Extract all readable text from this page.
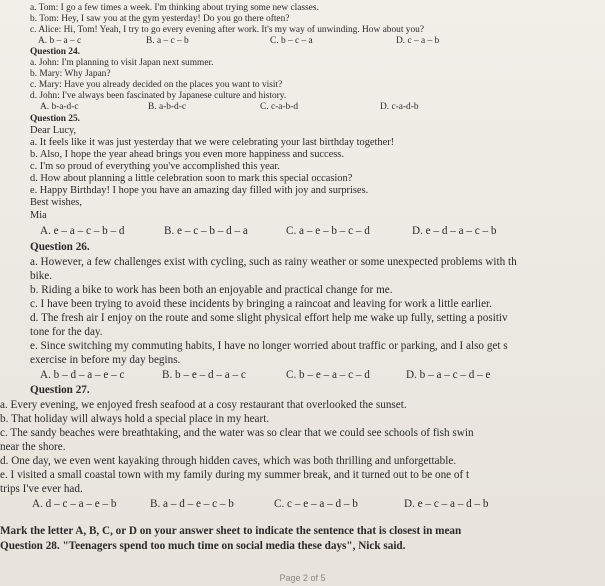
a. Tom: I go a few times a week. I'm thinking about trying some new classes.
b. Tom: Hey, I saw you at the gym yesterday! Do you go there often?
c. Alice: Hi, Tom! Yeah, I try to go every evening after work. It's my way of unwinding. How about you?
A. b – a – c	B. a – c – b	C. b – c – a	D. c – a – b
Question 24.
a. John: I'm planning to visit Japan next summer.
b. Mary: Why Japan?
c. Mary: Have you already decided on the places you want to visit?
d. John: I've always been fascinated by Japanese culture and history.
A. b-a-d-c	B. a-b-d-c	C. c-a-b-d	D. c-a-d-b
Question 25.
Dear Lucy,
a. It feels like it was just yesterday that we were celebrating your last birthday together!
b. Also, I hope the year ahead brings you even more happiness and success.
c. I'm so proud of everything you've accomplished this year.
d. How about planning a little celebration soon to mark this special occasion?
e. Happy Birthday! I hope you have an amazing day filled with joy and surprises.
Best wishes,
Mia
A. e – a – c – b – d	B. e – c – b – d – a	C. a – e – b – c – d	D. e – d – a – c – b
Question 26.
a. However, a few challenges exist with cycling, such as rainy weather or some unexpected problems with th
bike.
b. Riding a bike to work has been both an enjoyable and practical change for me.
c. I have been trying to avoid these incidents by bringing a raincoat and leaving for work a little earlier.
d. The fresh air I enjoy on the route and some slight physical effort help me wake up fully, setting a positiv
tone for the day.
e. Since switching my commuting habits, I have no longer worried about traffic or parking, and I also get s
exercise in before my day begins.
A. b – d – a – e – c	B. b – e – d – a – c	C. b – e – a – c – d	D. b – a – c – d – e
Question 27.
a. Every evening, we enjoyed fresh seafood at a cosy restaurant that overlooked the sunset.
b. That holiday will always hold a special place in my heart.
c. The sandy beaches were breathtaking, and the water was so clear that we could see schools of fish swin
near the shore.
d. One day, we even went kayaking through hidden caves, which was both thrilling and unforgettable.
e. I visited a small coastal town with my family during my summer break, and it turned out to be one of t
trips I've ever had.
A. d – c – a – e – b	B. a – d – e – c – b	C. c – e – a – d – b	D. e – c – a – d – b
Mark the letter A, B, C, or D on your answer sheet to indicate the sentence that is closest in mean
Question 28. "Teenagers spend too much time on social media these days", Nick said.
Page 2 of 5
